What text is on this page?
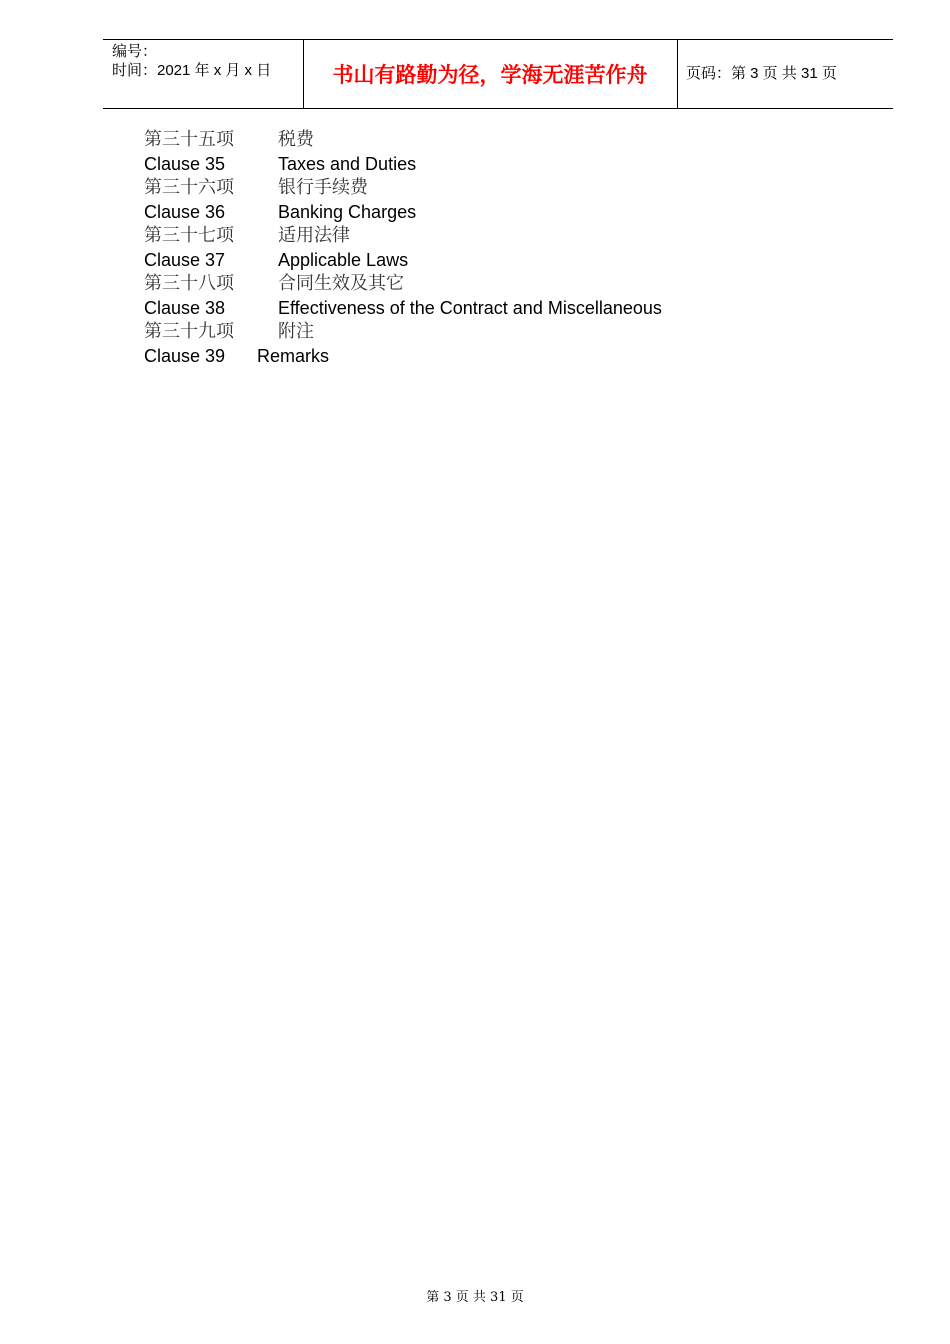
编号：
时间：2021 年 x 月 x 日	书山有路勤为径，学海无涯苦作舟	页码：第 3 页 共 31 页
第三十五项 税费
Clause 35	Taxes and Duties
第三十六项 银行手续费
Clause 36	Banking Charges
第三十七项 适用法律
Clause 37	Applicable Laws
第三十八项 合同生效及其它
Clause 38	Effectiveness of the Contract and Miscellaneous
第三十九项 附注
Clause 39 Remarks
第 3 页 共 31 页
